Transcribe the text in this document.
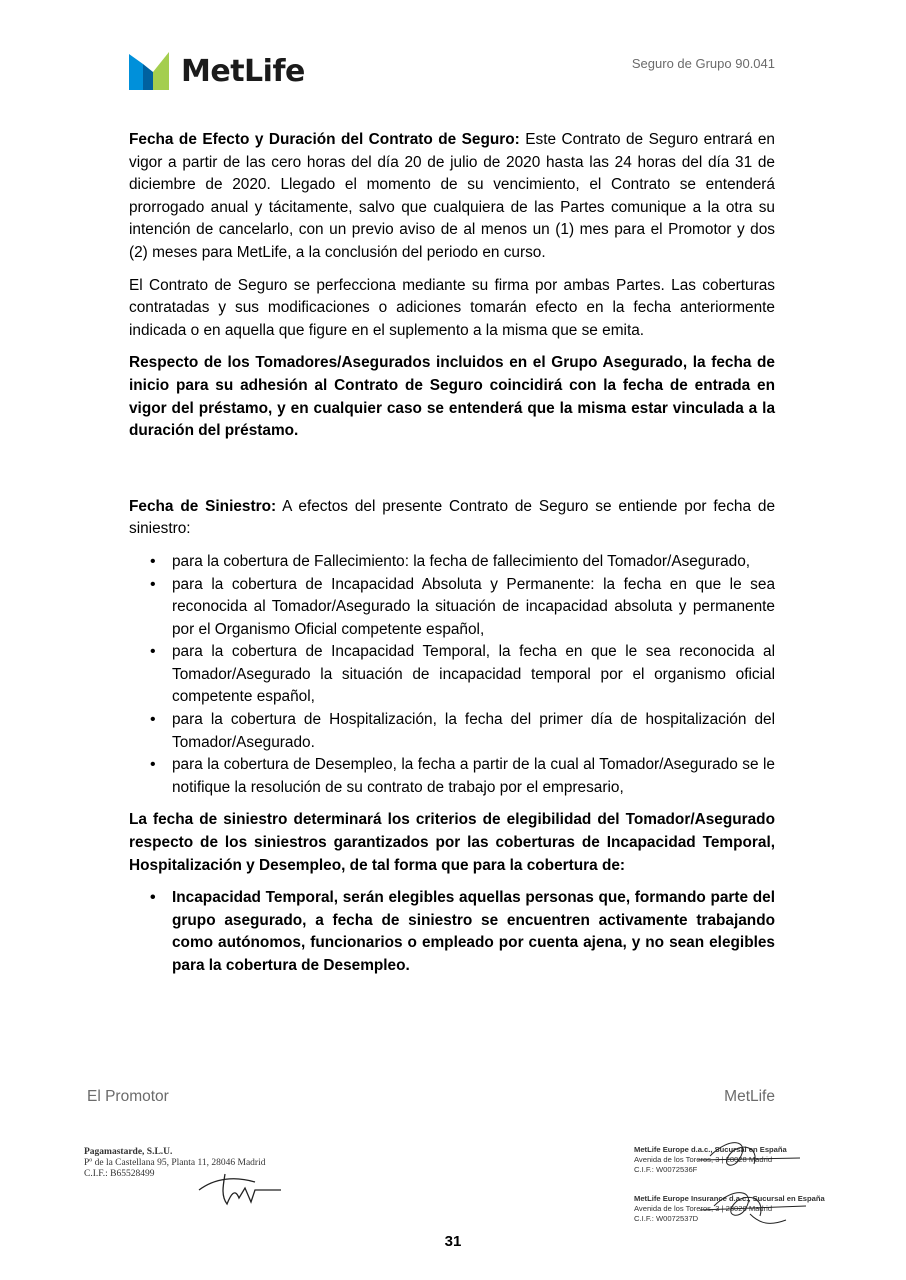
MetLife	Seguro de Grupo 90.041

Fecha de Efecto y Duración del Contrato de Seguro: Este Contrato de Seguro entrará en vigor a partir de las cero horas del día 20 de julio de 2020 hasta las 24 horas del día 31 de diciembre de 2020. Llegado el momento de su vencimiento, el Contrato se entenderá prorrogado anual y tácitamente, salvo que cualquiera de las Partes comunique a la otra su intención de cancelarlo, con un previo aviso de al menos un (1) mes para el Promotor y dos (2) meses para MetLife, a la conclusión del periodo en curso.

El Contrato de Seguro se perfecciona mediante su firma por ambas Partes. Las coberturas contratadas y sus modificaciones o adiciones tomarán efecto en la fecha anteriormente indicada o en aquella que figure en el suplemento a la misma que se emita.

Respecto de los Tomadores/Asegurados incluidos en el Grupo Asegurado, la fecha de inicio para su adhesión al Contrato de Seguro coincidirá con la fecha de entrada en vigor del préstamo, y en cualquier caso se entenderá que la misma estar vinculada a la duración del préstamo.

Fecha de Siniestro: A efectos del presente Contrato de Seguro se entiende por fecha de siniestro:

• para la cobertura de Fallecimiento: la fecha de fallecimiento del Tomador/Asegurado,
• para la cobertura de Incapacidad Absoluta y Permanente: la fecha en que le sea reconocida al Tomador/Asegurado la situación de incapacidad absoluta y permanente por el Organismo Oficial competente español,
• para la cobertura de Incapacidad Temporal, la fecha en que le sea reconocida al Tomador/Asegurado la situación de incapacidad temporal por el organismo oficial competente español,
• para la cobertura de Hospitalización, la fecha del primer día de hospitalización del Tomador/Asegurado.
• para la cobertura de Desempleo, la fecha a partir de la cual al Tomador/Asegurado se le notifique la resolución de su contrato de trabajo por el empresario,

La fecha de siniestro determinará los criterios de elegibilidad del Tomador/Asegurado respecto de los siniestros garantizados por las coberturas de Incapacidad Temporal, Hospitalización y Desempleo, de tal forma que para la cobertura de:

• Incapacidad Temporal, serán elegibles aquellas personas que, formando parte del grupo asegurado, a fecha de siniestro se encuentren activamente trabajando como autónomos, funcionarios o empleado por cuenta ajena, y no sean elegibles para la cobertura de Desempleo.
El Promotor	MetLife
Pagamastarde, S.L.U.
Pº de la Castellana 95, Planta 11, 28046 Madrid
C.I.F.: B65528499
MetLife Europe d.a.c., Sucursal en España
Avenida de los Toreros, 3 | 28028 Madrid
C.I.F.: W0072536F
MetLife Europe Insurance d.a.c., Sucursal en España
Avenida de los Toreros, 3 | 28028 Madrid
C.I.F.: W0072537D
31
